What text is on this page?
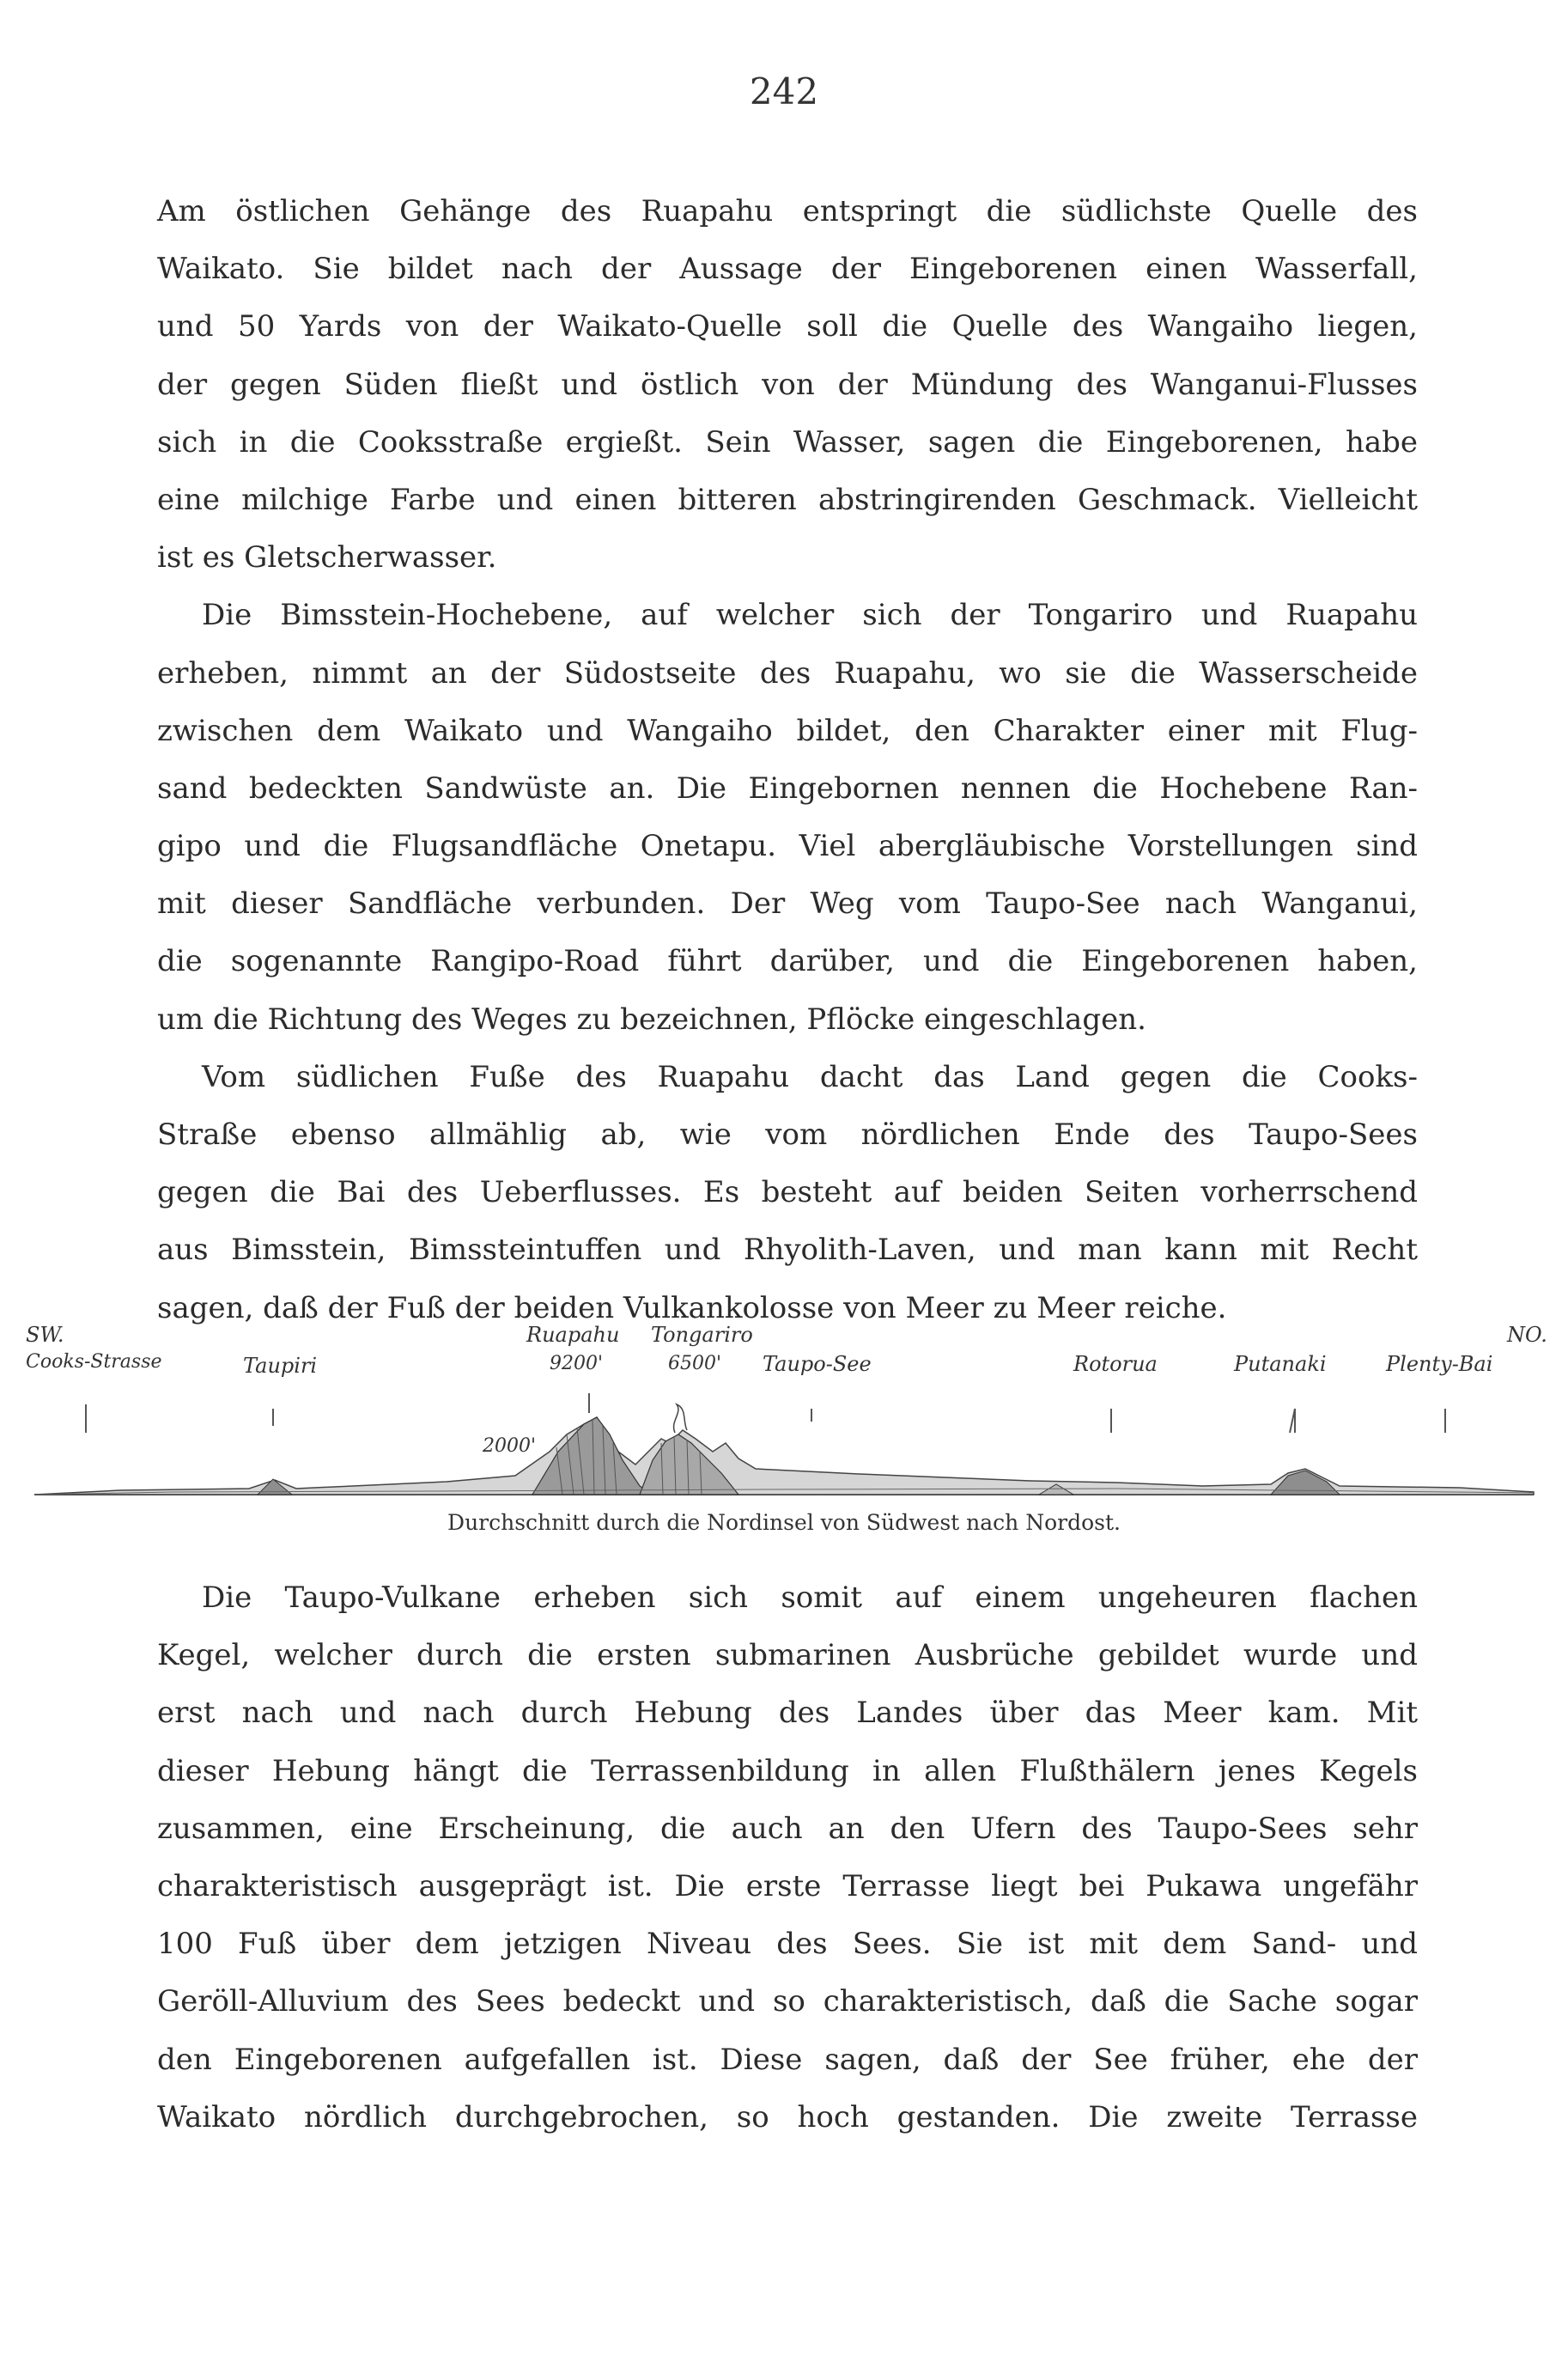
242
Am östlichen Gehänge des Ruapahu entspringt die südlichste Quelle des
Waikato. Sie bildet nach der Aussage der Eingeborenen einen Wasserfall,
und 50 Yards von der Waikato-Quelle soll die Quelle des Wangaiho liegen,
der gegen Süden fließt und östlich von der Mündung des Wanganui-Flusses
sich in die Cooksstraße ergießt. Sein Wasser, sagen die Eingeborenen, habe
eine milchige Farbe und einen bitteren abstringirenden Geschmack. Vielleicht
ist es Gletscherwasser.
Die Bimsstein-Hochebene, auf welcher sich der Tongariro und Ruapahu
erheben, nimmt an der Südostseite des Ruapahu, wo sie die Wasserscheide
zwischen dem Waikato und Wangaiho bildet, den Charakter einer mit Flug-
sand bedeckten Sandwüste an. Die Eingebornen nennen die Hochebene Ran-
gipo und die Flugsandfläche Onetapu. Viel abergläubische Vorstellungen sind
mit dieser Sandfläche verbunden. Der Weg vom Taupo-See nach Wanganui,
die sogenannte Rangipo-Road führt darüber, und die Eingeborenen haben,
um die Richtung des Weges zu bezeichnen, Pflöcke eingeschlagen.
Vom südlichen Fuße des Ruapahu dacht das Land gegen die Cooks-
Straße ebenso allmählig ab, wie vom nördlichen Ende des Taupo-Sees
gegen die Bai des Ueberflusses. Es besteht auf beiden Seiten vorherrschend
aus Bimsstein, Bimssteintuffen und Rhyolith-Laven, und man kann mit Recht
sagen, daß der Fuß der beiden Vulkankolosse von Meer zu Meer reiche.
SW.	NO.
Cooks-Strasse	Taupiri
Ruapahu Tongariro
9200'	6500' Taupo-See	Rotorua	Putanaki	Plenty-Bai
2000'
Durchschnitt durch die Nordinsel von Südwest nach Nordost.
Die Taupo-Vulkane erheben sich somit auf einem ungeheuren flachen
Kegel, welcher durch die ersten submarinen Ausbrüche gebildet wurde und
erst nach und nach durch Hebung des Landes über das Meer kam. Mit
dieser Hebung hängt die Terrassenbildung in allen Flußthälern jenes Kegels
zusammen, eine Erscheinung, die auch an den Ufern des Taupo-Sees sehr
charakteristisch ausgeprägt ist. Die erste Terrasse liegt bei Pukawa ungefähr
100 Fuß über dem jetzigen Niveau des Sees. Sie ist mit dem Sand- und
Geröll-Alluvium des Sees bedeckt und so charakteristisch, daß die Sache sogar
den Eingeborenen aufgefallen ist. Diese sagen, daß der See früher, ehe der
Waikato nördlich durchgebrochen, so hoch gestanden. Die zweite Terrasse
